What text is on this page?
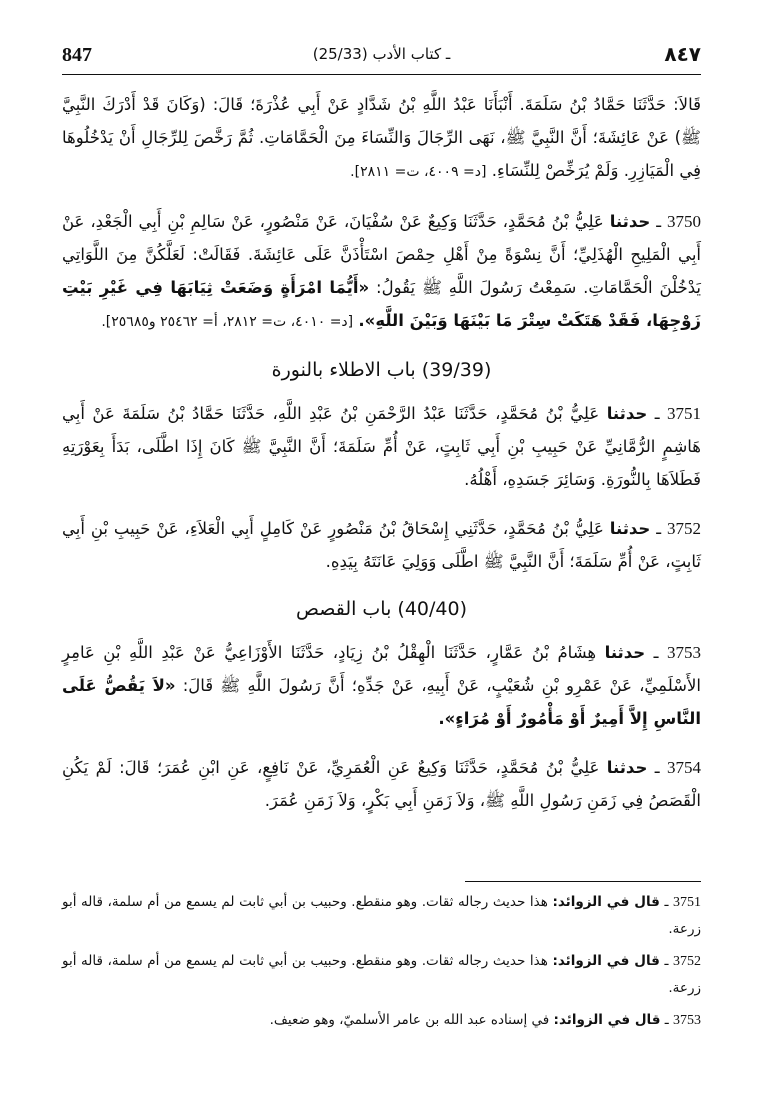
847	(25/33) ـ كتاب الأدب	٨٤٧

قَالاَ: حَدَّثَنَا حَمَّادُ بْنُ سَلَمَةَ. أَنْبَأَنَا عَبْدُ اللَّهِ بْنُ شَدَّادٍ عَنْ أَبِي عُذْرَةَ؛ قَالَ: (وَكَانَ قَدْ أَدْرَكَ النَّبِيَّ ﷺ) عَنْ عَائِشَةَ؛ أَنَّ النَّبِيَّ ﷺ، نَهَى الرِّجَالَ وَالنِّسَاءَ مِنَ الْحَمَّامَاتِ. ثُمَّ رَخَّصَ لِلرِّجَالِ أَنْ يَدْخُلُوهَا فِي الْمَيَازِرِ. وَلَمْ يُرَخِّصْ لِلنِّسَاءِ. [د= ٤٠٠٩، ت= ٢٨١١].

3750 ـ حدثنا عَلِيُّ بْنُ مُحَمَّدٍ، حَدَّثَنَا وَكِيعٌ عَنْ سُفْيَانَ، عَنْ مَنْصُورٍ، عَنْ سَالِمِ بْنِ أَبِي الْجَعْدِ، عَنْ أَبِي الْمَلِيحِ الْهُذَلِيِّ؛ أَنَّ نِسْوَةً مِنْ أَهْلِ حِمْصَ اسْتَأْذَنَّ عَلَى عَائِشَةَ. فَقَالَتْ: لَعَلَّكُنَّ مِنَ اللَّوَاتِي يَدْخُلْنَ الْحَمَّامَاتِ. سَمِعْتُ رَسُولَ اللَّهِ ﷺ يَقُولُ: «أَيُّمَا امْرَأَةٍ وَضَعَتْ ثِيَابَهَا فِي غَيْرِ بَيْتِ زَوْجِهَا، فَقَدْ هَتَكَتْ سِتْرَ مَا بَيْنَهَا وَبَيْنَ اللَّهِ». [د= ٤٠١٠، ت= ٢٨١٢، أ= ٢٥٤٦٢ و٢٥٦٨٥].

(39/39) باب الاطلاء بالنورة

3751 ـ حدثنا عَلِيُّ بْنُ مُحَمَّدٍ، حَدَّثَنَا عَبْدُ الرَّحْمَنِ بْنُ عَبْدِ اللَّهِ، حَدَّثَنَا حَمَّادُ بْنُ سَلَمَةَ عَنْ أَبِي هَاشِمٍ الرُّمَّانِيِّ عَنْ حَبِيبِ بْنِ أَبِي ثَابِتٍ، عَنْ أُمِّ سَلَمَةَ؛ أَنَّ النَّبِيَّ ﷺ كَانَ إِذَا اطَّلَى، بَدَأَ بِعَوْرَتِهِ فَطَلاَهَا بِالنُّورَةِ. وَسَائِرَ جَسَدِهِ، أَهْلُهُ.

3752 ـ حدثنا عَلِيُّ بْنُ مُحَمَّدٍ، حَدَّثَنِي إِسْحَاقُ بْنُ مَنْصُورٍ عَنْ كَامِلٍ أَبِي الْعَلاَءِ، عَنْ حَبِيبِ بْنِ أَبِي ثَابِتٍ، عَنْ أُمِّ سَلَمَةَ؛ أَنَّ النَّبِيَّ ﷺ اطَّلَى وَوَلِيَ عَانَتَهُ بِيَدِهِ.

(40/40) باب القصص

3753 ـ حدثنا هِشَامُ بْنُ عَمَّارٍ، حَدَّثَنَا الْهِقْلُ بْنُ زِيَادٍ، حَدَّثَنَا الأَوْزَاعِيُّ عَنْ عَبْدِ اللَّهِ بْنِ عَامِرٍ الأَسْلَمِيِّ، عَنْ عَمْرِو بْنِ شُعَيْبٍ، عَنْ أَبِيهِ، عَنْ جَدِّهِ؛ أَنَّ رَسُولَ اللَّهِ ﷺ قَالَ: «لاَ يَقُصُّ عَلَى النَّاسِ إِلاَّ أَمِيرٌ أَوْ مَأْمُورٌ أَوْ مُرَاءٍ».

3754 ـ حدثنا عَلِيُّ بْنُ مُحَمَّدٍ، حَدَّثَنَا وَكِيعٌ عَنِ الْعُمَرِيِّ، عَنْ نَافِعٍ، عَنِ ابْنِ عُمَرَ؛ قَالَ: لَمْ يَكُنِ الْقَصَصُ فِي زَمَنِ رَسُولِ اللَّهِ ﷺ، وَلاَ زَمَنِ أَبِي بَكْرٍ، وَلاَ زَمَنِ عُمَرَ.

3751 ـ قال في الزوائد: هذا حديث رجاله ثقات. وهو منقطع. وحبيب بن أبي ثابت لم يسمع من أم سلمة، قاله أبو زرعة.

3752 ـ قال في الزوائد: هذا حديث رجاله ثقات. وهو منقطع. وحبيب بن أبي ثابت لم يسمع من أم سلمة، قاله أبو زرعة.

3753 ـ قال في الزوائد: في إسناده عبد الله بن عامر الأسلميّ، وهو ضعيف.
